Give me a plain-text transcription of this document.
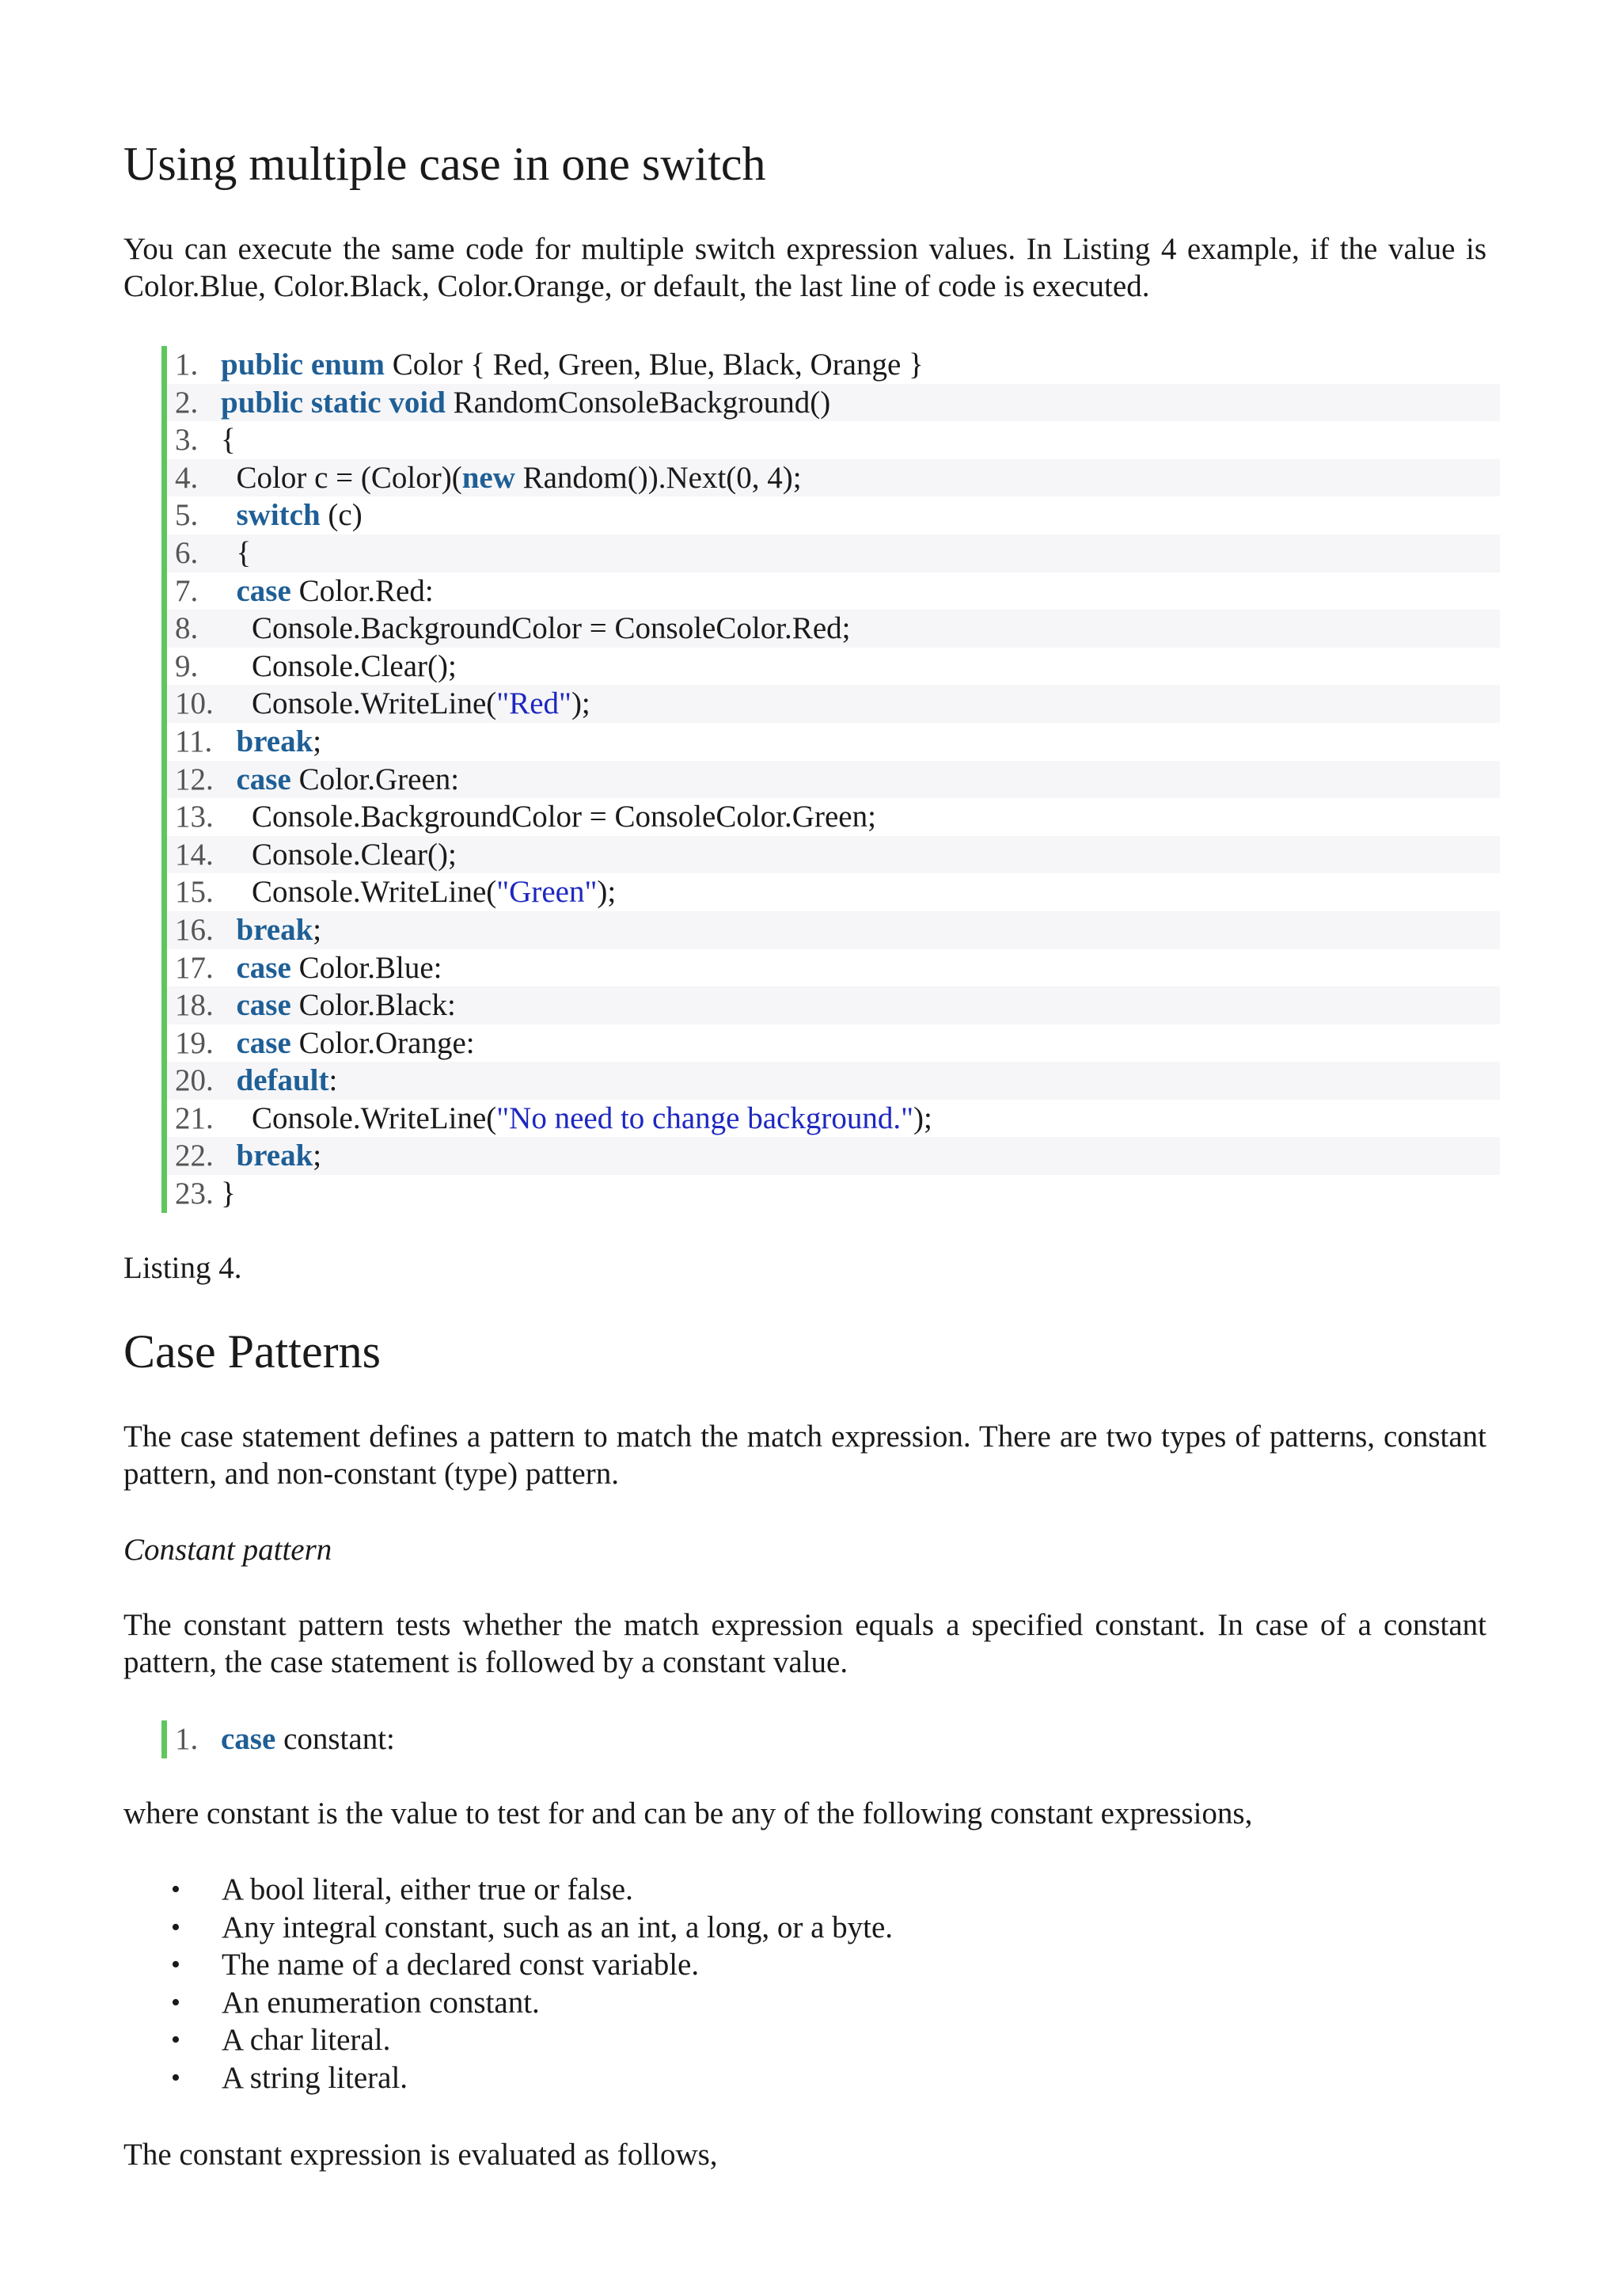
Using multiple case in one switch

You can execute the same code for multiple switch expression values. In Listing 4 example, if the value is Color.Blue, Color.Black, Color.Orange, or default, the last line of code is executed.

1. public enum Color { Red, Green, Blue, Black, Orange }
2. public static void RandomConsoleBackground()
3. {
4.	Color c = (Color)(new Random()).Next(0, 4);
5.	switch (c)
6.	{
7.	case Color.Red:
8.	Console.BackgroundColor = ConsoleColor.Red;
9.	Console.Clear();
10.	Console.WriteLine("Red");
11. break;
12. case Color.Green:
13.	Console.BackgroundColor = ConsoleColor.Green;
14.	Console.Clear();
15.	Console.WriteLine("Green");
16. break;
17. case Color.Blue:
18. case Color.Black:
19. case Color.Orange:
20. default:
21.	Console.WriteLine("No need to change background.");
22. break;
23. }

Listing 4.

Case Patterns

The case statement defines a pattern to match the match expression. There are two types of patterns, constant pattern, and non-constant (type) pattern.

Constant pattern

The constant pattern tests whether the match expression equals a specified constant. In case of a constant pattern, the case statement is followed by a constant value.

1. case constant:

where constant is the value to test for and can be any of the following constant expressions,

• A bool literal, either true or false.
• Any integral constant, such as an int, a long, or a byte.
• The name of a declared const variable.
• An enumeration constant.
• A char literal.
• A string literal.

The constant expression is evaluated as follows,
